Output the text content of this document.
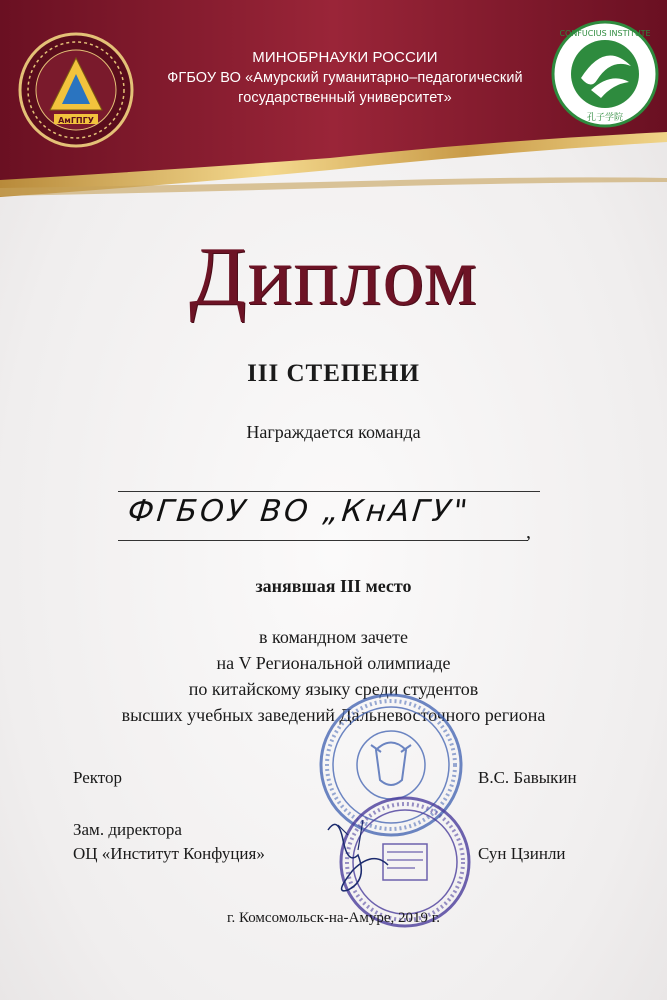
МИНОБРНАУКИ РОССИИ
ФГБОУ ВО «Амурский гуманитарно–педагогический
государственный университет»
АмГПГУ
CONFUCIUS INSTITUTE
孔子学院
Диплом
III СТЕПЕНИ
Награждается команда
ФГБОУ ВО „КнАГУ"
,
занявшая III место
в командном зачете
на V Региональной олимпиаде
по китайскому языку среди студентов
высших учебных заведений Дальневосточного региона
Ректор	В.С. Бавыкин
Зам. директора
ОЦ «Институт Конфуция»	Сун Цзинли
г. Комсомольск-на-Амуре, 2019 г.
